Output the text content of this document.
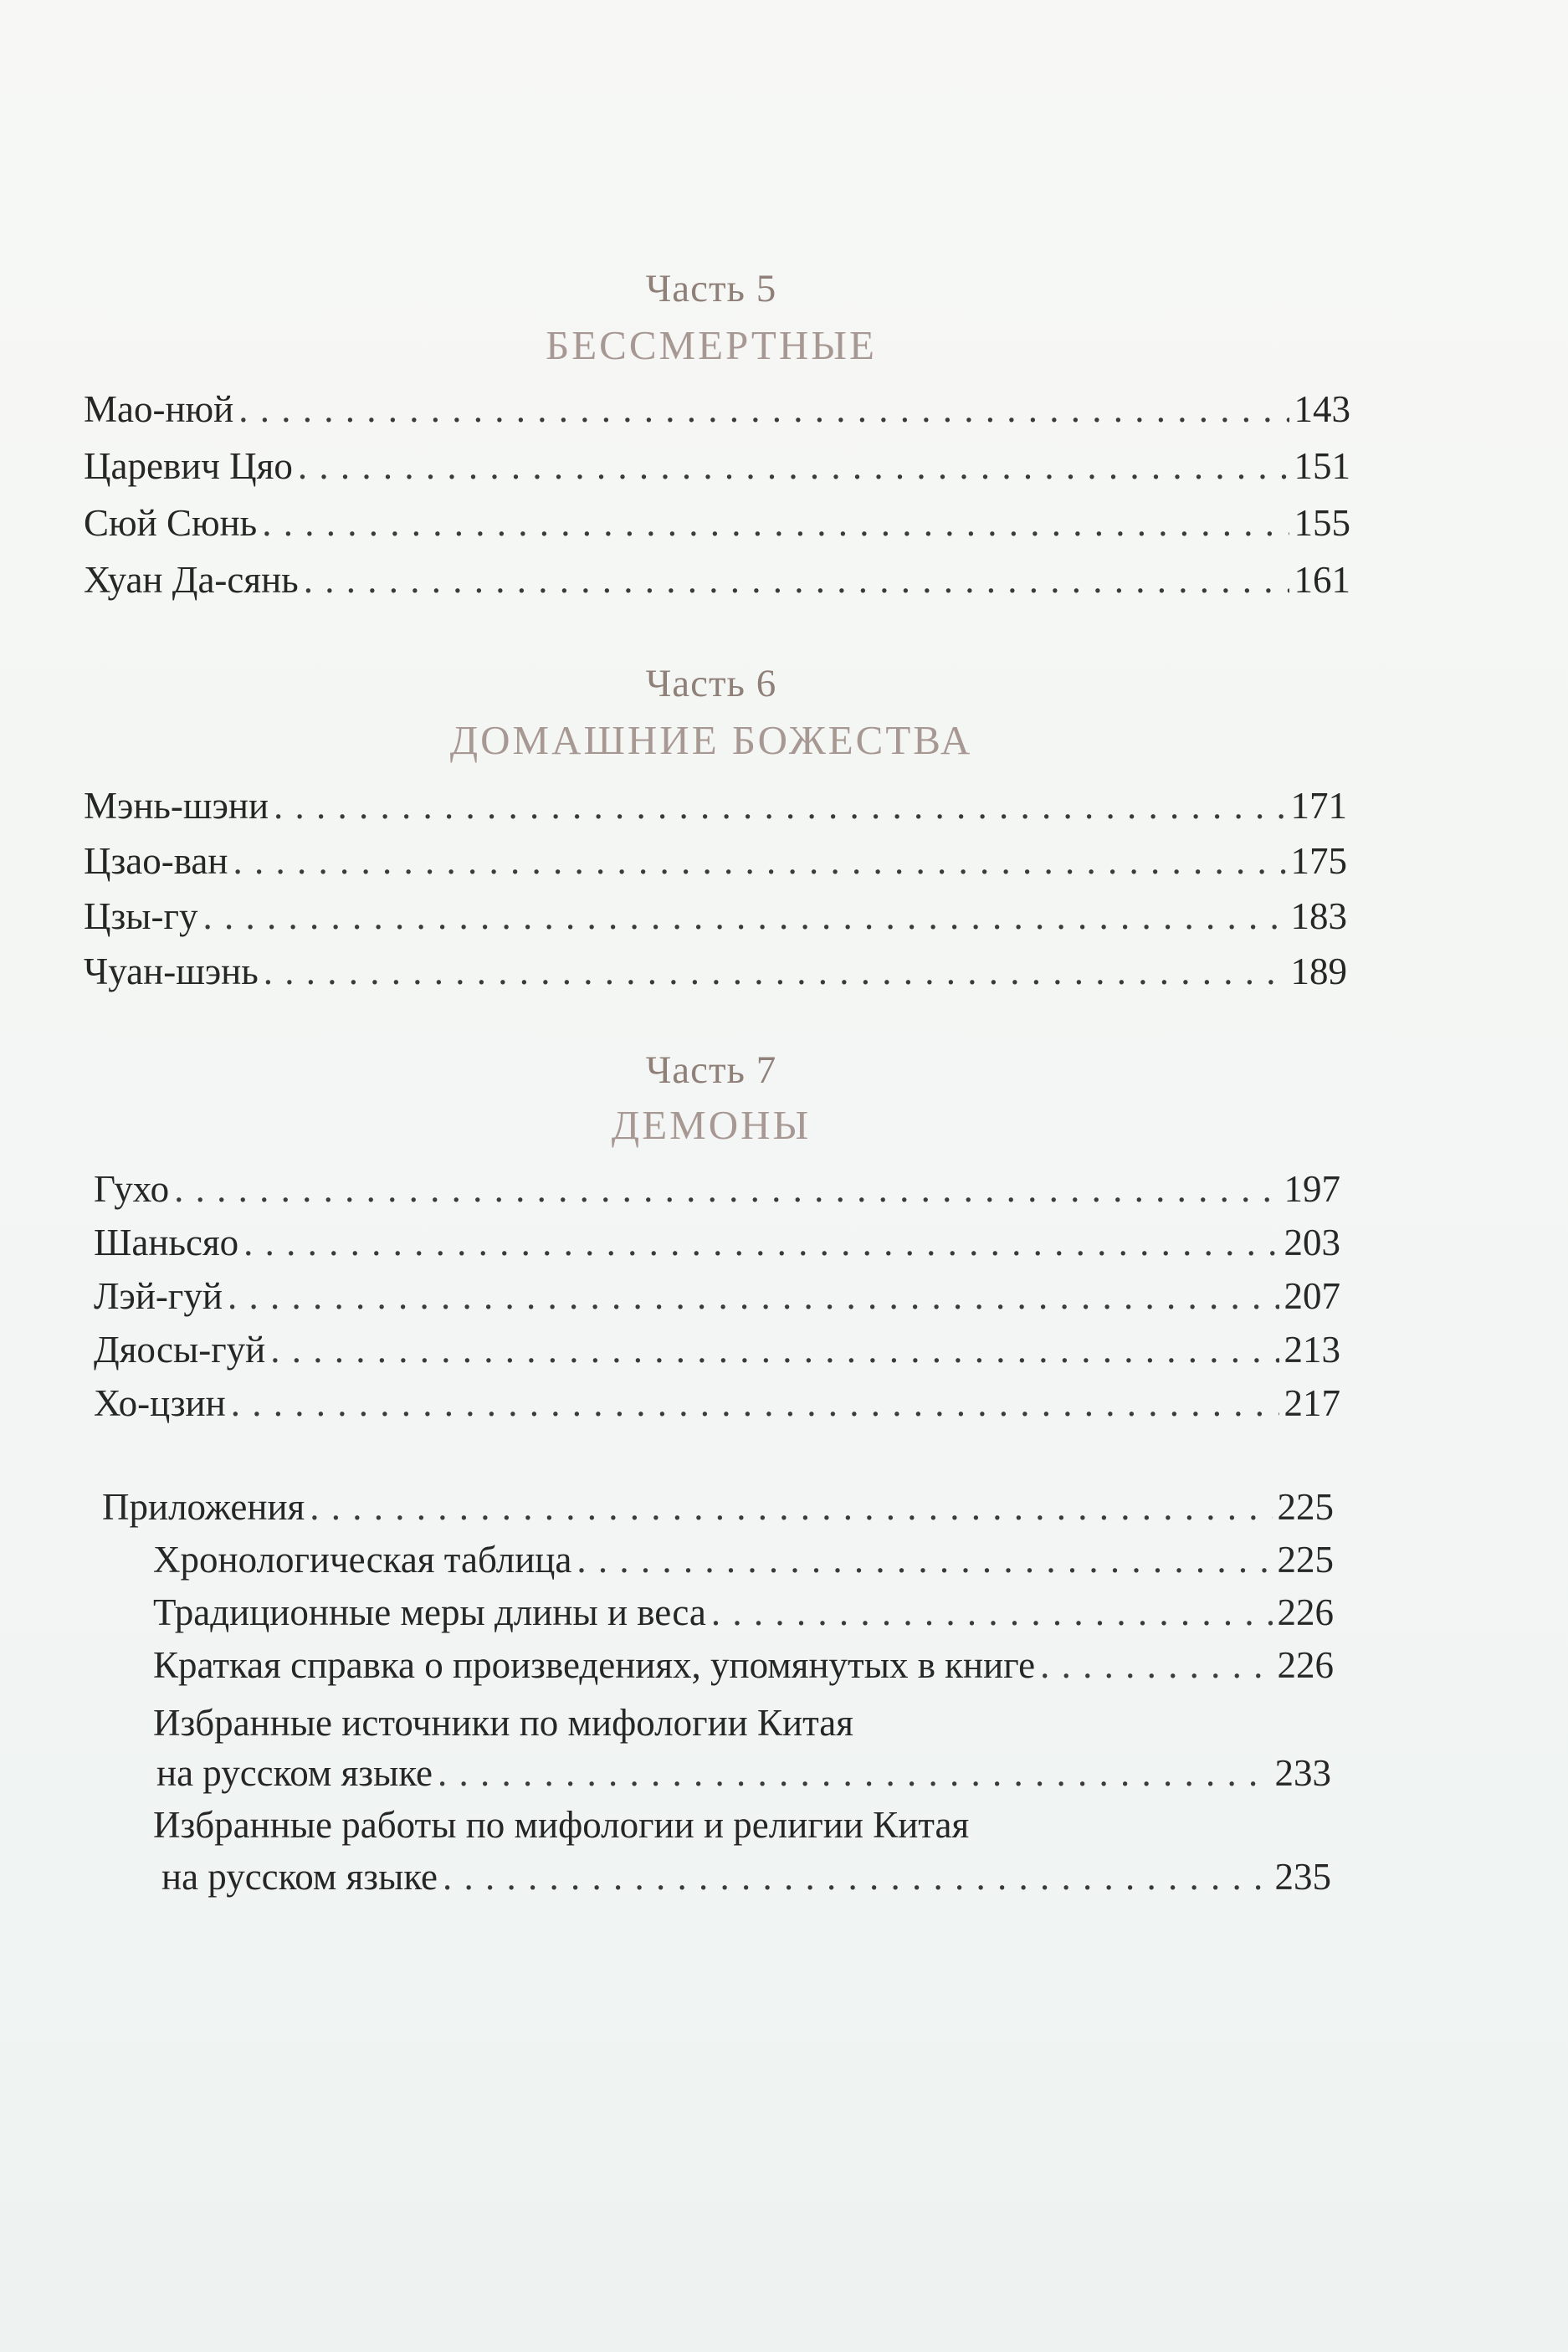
Часть 5
БЕССМЕРТНЫЕ
Мао-нюй . . .	143
Царевич Цяо . . .	151
Сюй Сюнь . . .	155
Хуан Да-сянь . . .	161
Часть 6
ДОМАШНИЕ БОЖЕСТВА
Мэнь-шэни . . .	171
Цзао-ван . . .	175
Цзы-гу . . .	183
Чуан-шэнь . . .	189
Часть 7
ДЕМОНЫ
Гухо . . .	197
Шаньсяо . . .	203
Лэй-гуй . . .	207
Дяосы-гуй . . .	213
Хо-цзин . . .	217
Приложения . . .	225
Хронологическая таблица . . .	225
Традиционные меры длины и веса . . .	226
Краткая справка о произведениях, упомянутых в книге . . .	226
Избранные источники по мифологии Китая
на русском языке . . .	233
Избранные работы по мифологии и религии Китая
на русском языке . . .	235
